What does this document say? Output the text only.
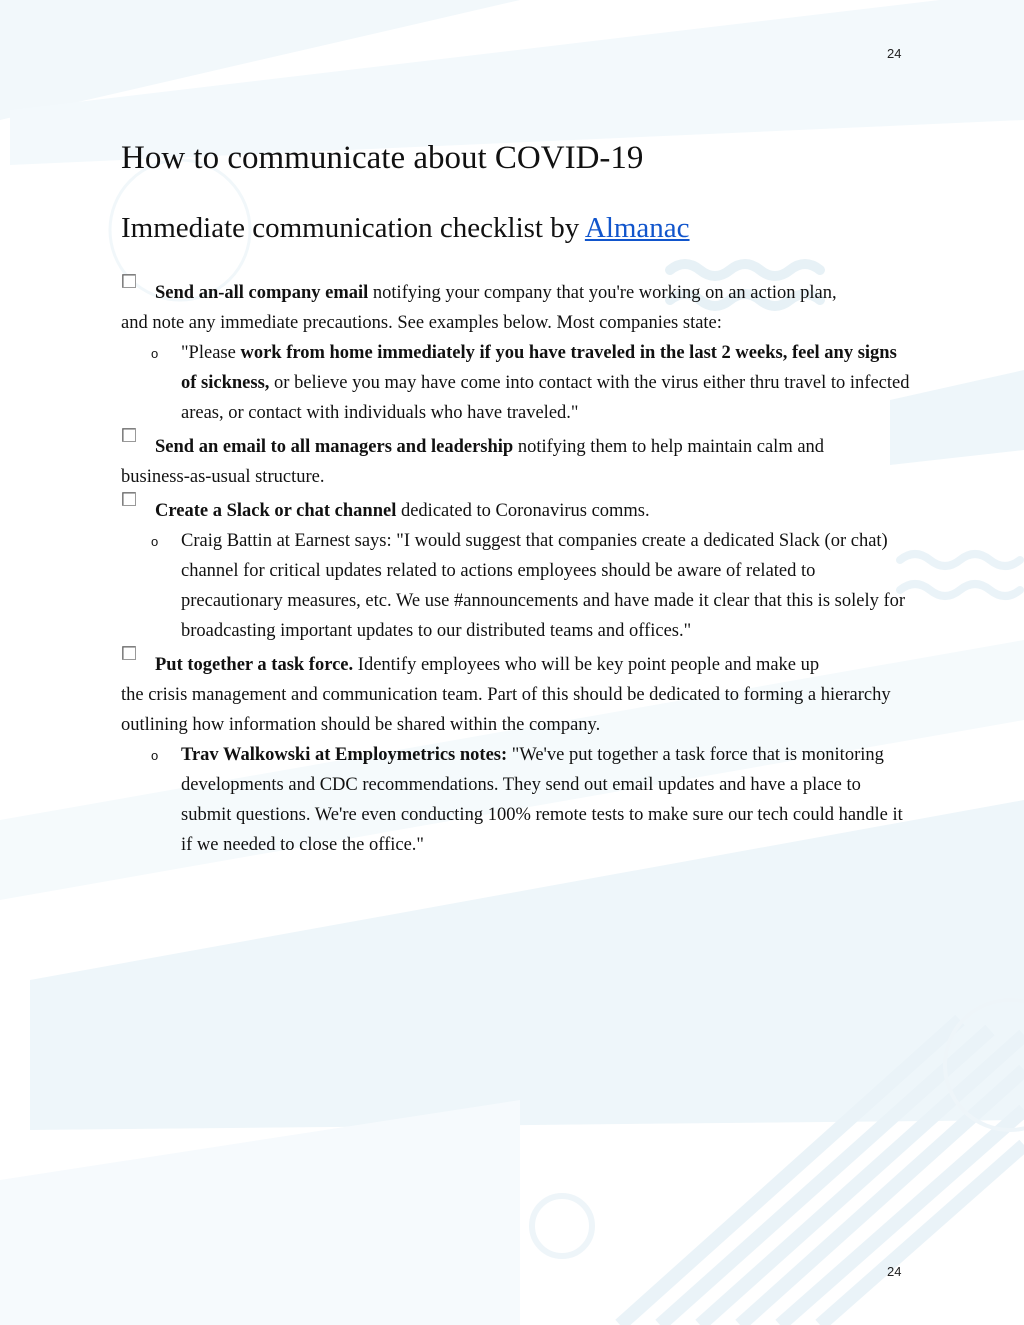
24
How to communicate about COVID-19
Immediate communication checklist by Almanac
Send an-all company email notifying your company that you're working on an action plan,
and note any immediate precautions. See examples below. Most companies state:
o "Please work from home immediately if you have traveled in the last 2 weeks, feel any signs of sickness, or believe you may have come into contact with the virus either thru travel to infected areas, or contact with individuals who have traveled."
Send an email to all managers and leadership notifying them to help maintain calm and
business-as-usual structure.
Create a Slack or chat channel dedicated to Coronavirus comms.
o Craig Battin at Earnest says: "I would suggest that companies create a dedicated Slack (or chat) channel for critical updates related to actions employees should be aware of related to precautionary measures, etc. We use #announcements and have made it clear that this is solely for broadcasting important updates to our distributed teams and offices."
Put together a task force. Identify employees who will be key point people and make up
the crisis management and communication team. Part of this should be dedicated to forming a hierarchy outlining how information should be shared within the company.
o Trav Walkowski at Employmetrics notes: "We've put together a task force that is monitoring developments and CDC recommendations. They send out email updates and have a place to submit questions. We're even conducting 100% remote tests to make sure our tech could handle it if we needed to close the office."
24
